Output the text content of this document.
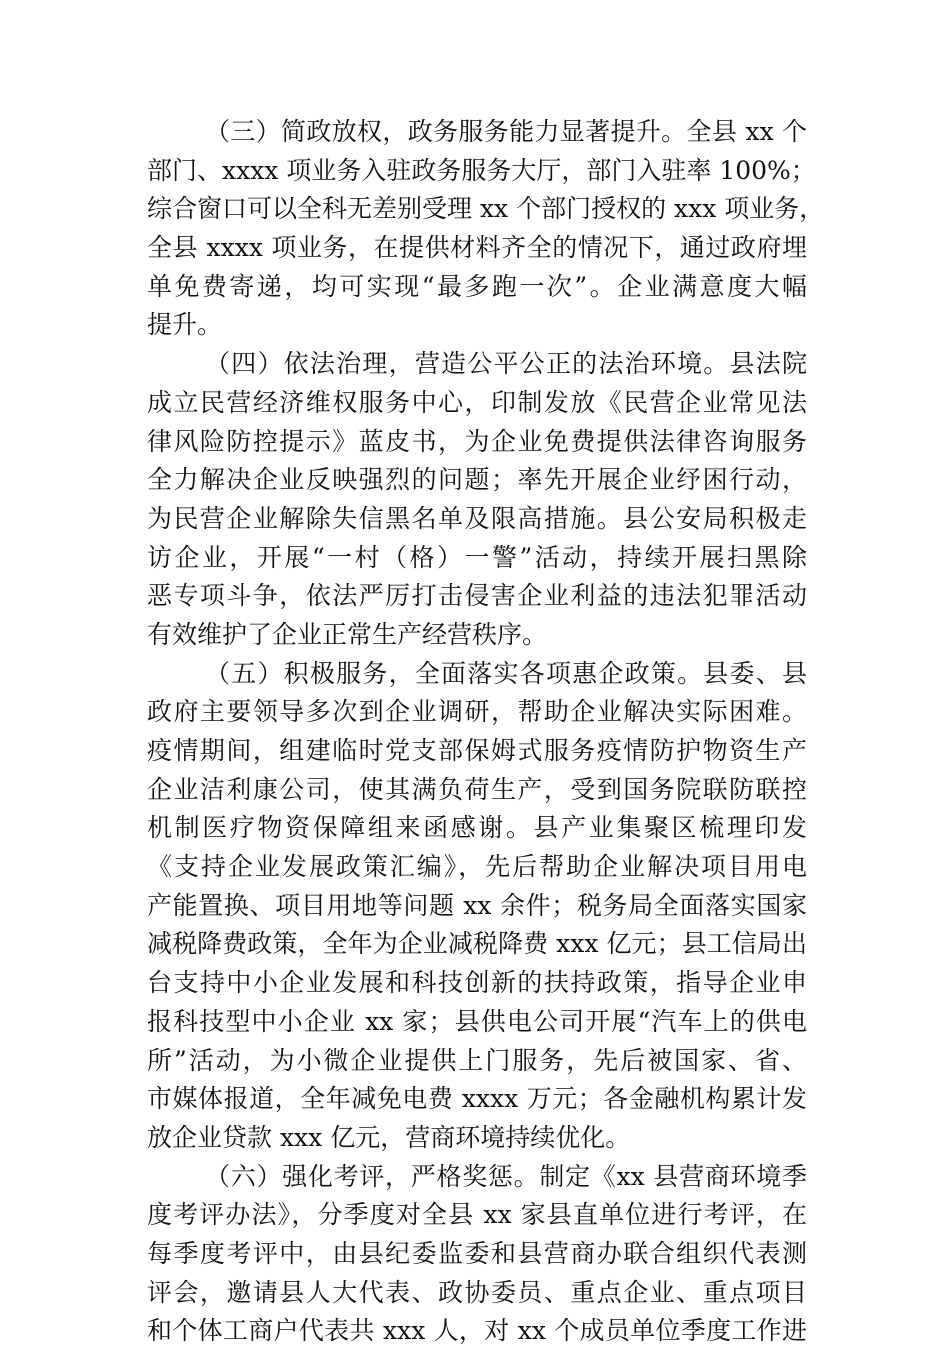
（三）简政放权，政务服务能力显著提升。全县 xx 个
部门、xxxx 项业务入驻政务服务大厅，部门入驻率 100%；
综合窗口可以全科无差别受理 xx 个部门授权的 xxx 项业务，
全县 xxxx 项业务，在提供材料齐全的情况下，通过政府埋
单免费寄递，均可实现“最多跑一次”。企业满意度大幅
提升。
（四）依法治理，营造公平公正的法治环境。县法院
成立民营经济维权服务中心，印制发放《民营企业常见法
律风险防控提示》蓝皮书，为企业免费提供法律咨询服务
全力解决企业反映强烈的问题；率先开展企业纾困行动，
为民营企业解除失信黑名单及限高措施。县公安局积极走
访企业，开展“一村（格）一警”活动，持续开展扫黑除
恶专项斗争，依法严厉打击侵害企业利益的违法犯罪活动
有效维护了企业正常生产经营秩序。
（五）积极服务，全面落实各项惠企政策。县委、县
政府主要领导多次到企业调研，帮助企业解决实际困难。
疫情期间，组建临时党支部保姆式服务疫情防护物资生产
企业洁利康公司，使其满负荷生产，受到国务院联防联控
机制医疗物资保障组来函感谢。县产业集聚区梳理印发
《支持企业发展政策汇编》，先后帮助企业解决项目用电
产能置换、项目用地等问题 xx 余件；税务局全面落实国家
减税降费政策，全年为企业减税降费 xxx 亿元；县工信局出
台支持中小企业发展和科技创新的扶持政策，指导企业申
报科技型中小企业 xx 家；县供电公司开展“汽车上的供电
所”活动，为小微企业提供上门服务，先后被国家、省、
市媒体报道，全年减免电费 xxxx 万元；各金融机构累计发
放企业贷款 xxx 亿元，营商环境持续优化。
（六）强化考评，严格奖惩。制定《xx 县营商环境季
度考评办法》，分季度对全县 xx 家县直单位进行考评，在
每季度考评中，由县纪委监委和县营商办联合组织代表测
评会，邀请县人大代表、政协委员、重点企业、重点项目
和个体工商户代表共 xxx 人，对 xx 个成员单位季度工作进
